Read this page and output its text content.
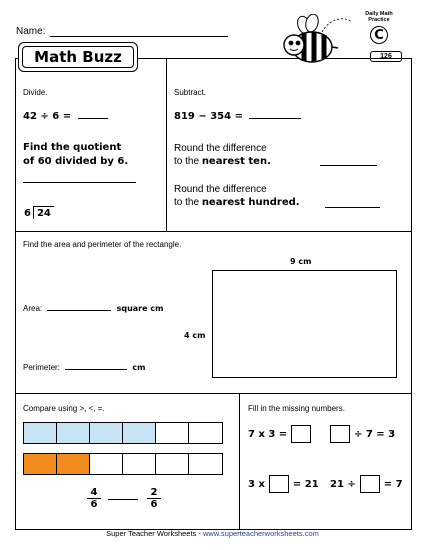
Name:
Math Buzz
Daily Math Practice
C
126
Divide.
42 ÷ 6 =
Find the quotient
of 60 divided by 6.
6 24
Subtract.
819 − 354 =
Round the difference
to the nearest ten.
Round the difference
to the nearest hundred.
Find the area and perimeter of the rectangle.
9 cm
4 cm
Area:	square cm
Perimeter:	cm
Compare using >, <, =.
$\frac{4}{6}$	$\frac{2}{6}$
Fill in the missing numbers.
7 x 3 =	÷ 7 = 3
3 x	= 21 21 ÷	= 7
Super Teacher Worksheets - www.superteacherworksheets.com
